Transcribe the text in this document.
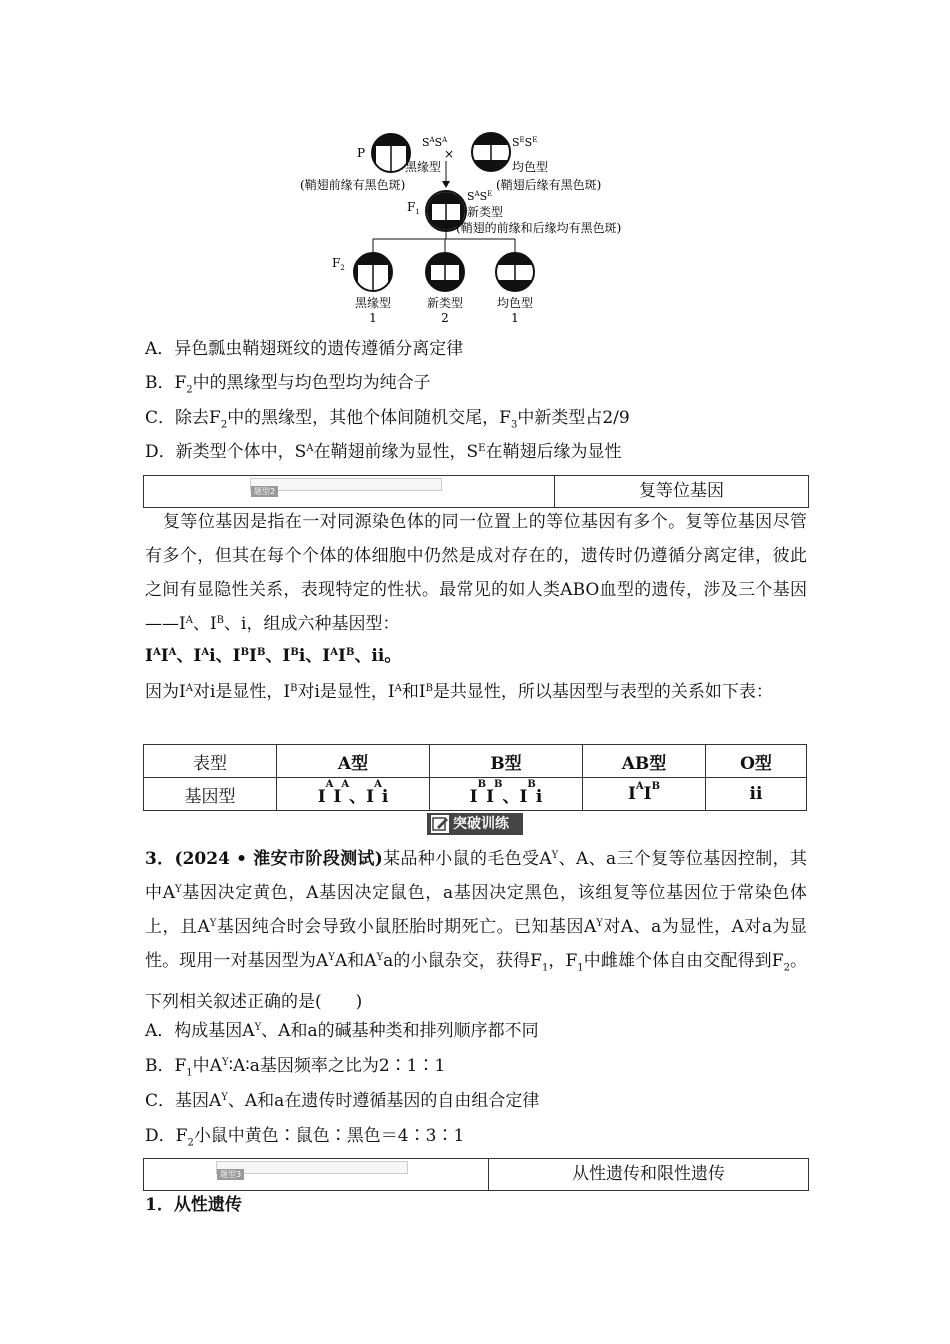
P
$S^AS^A$
×
$S^ES^E$
黑缘型	均色型
(鞘翅前缘有黑色斑)	(鞘翅后缘有黑色斑)
$S^AS^E$
$F_1$	新类型
(鞘翅的前缘和后缘均有黑色斑)
$F_2$
黑缘型	新类型	均色型
1	2	1
A．异色瓢虫鞘翅斑纹的遗传遵循分离定律
B．$F_2$中的黑缘型与均色型均为纯合子
C．除去$F_2$中的黑缘型，其他个体间随机交尾，$F_3$中新类型占2/9
D．新类型个体中，$S^A$在鞘翅前缘为显性，$S^E$在鞘翅后缘为显性
题型2	复等位基因
复等位基因是指在一对同源染色体的同一位置上的等位基因有多个。复等位基因尽管有多个，但其在每个个体的体细胞中仍然是成对存在的，遗传时仍遵循分离定律，彼此之间有显隐性关系，表现特定的性状。最常见的如人类ABO血型的遗传，涉及三个基因$——I^A$、$I^B$、i，组成六种基因型：
$I^AI^A$、$I^Ai$、$I^BI^B$、$I^Bi$、$I^AI^B$、ii。
因为$I^A$对i是显性，$I^B$对i是显性，$I^A$和$I^B$是共显性，所以基因型与表型的关系如下表：
表型	A型	B型	AB型	O型
基因型	$I^AI^A$、$I^Ai$	$I^BI^B$、$I^Bi$	$I^AI^B$	ii
突破训练
3．(2024 • 淮安市阶段测试)某品种小鼠的毛色受$A^Y$、A、a三个复等位基因控制，其中$A^Y$基因决定黄色，A基因决定鼠色，a基因决定黑色，该组复等位基因位于常染色体上，且$A^Y$基因纯合时会导致小鼠胚胎时期死亡。已知基因$A^Y$对A、a为显性，A对a为显性。现用一对基因型为$A^YA$和$A^Ya$的小鼠杂交，获得$F_1$，$F_1$中雌雄个体自由交配得到$F_2$。下列相关叙述正确的是(　　)
A．构成基因$A^Y$、A和a的碱基种类和排列顺序都不同
B．$F_1$中$A^Y∶A∶a$基因频率之比为2∶1∶1
C．基因$A^Y$、A和a在遗传时遵循基因的自由组合定律
D．$F_2$小鼠中黄色∶鼠色∶黑色＝4∶3∶1
题型3	从性遗传和限性遗传
1．从性遗传
